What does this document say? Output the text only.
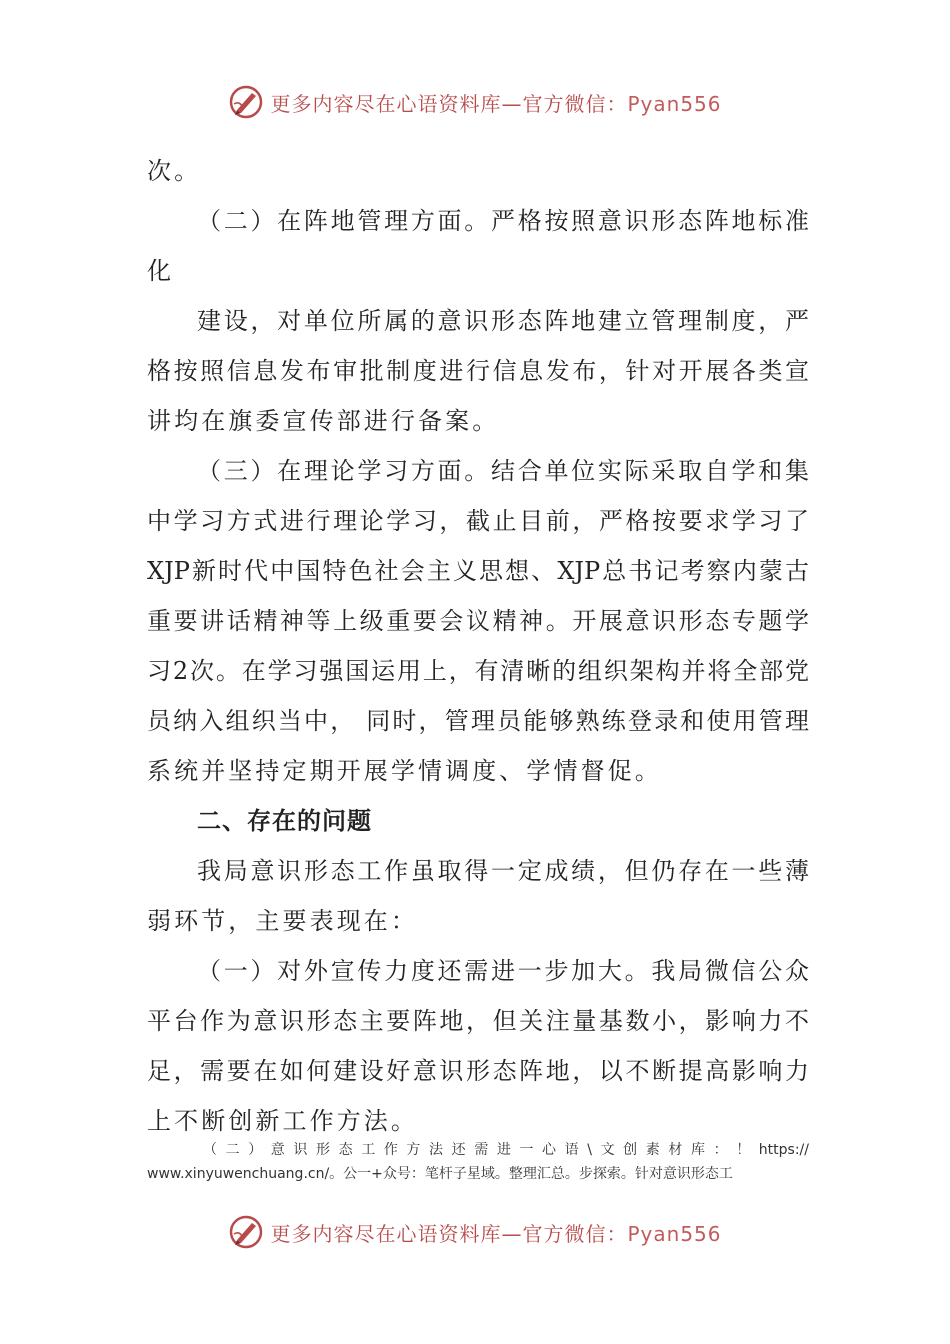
更多内容尽在心语资料库—官方微信：Pyan556
次。
（二）在阵地管理方面。严格按照意识形态阵地标准
化
建设，对单位所属的意识形态阵地建立管理制度，严
格按照信息发布审批制度进行信息发布，针对开展各类宣
讲均在旗委宣传部进行备案。
（三）在理论学习方面。结合单位实际采取自学和集
中学习方式进行理论学习，截止目前，严格按要求学习了
XJP新时代中国特色社会主义思想、XJP总书记考察内蒙古
重要讲话精神等上级重要会议精神。开展意识形态专题学
习2次。在学习强国运用上，有清晰的组织架构并将全部党
员纳入组织当中， 同时，管理员能够熟练登录和使用管理
系统并坚持定期开展学情调度、学情督促。
二、存在的问题
我局意识形态工作虽取得一定成绩，但仍存在一些薄
弱环节，主要表现在：
（一）对外宣传力度还需进一步加大。我局微信公众
平台作为意识形态主要阵地，但关注量基数小，影响力不
足，需要在如何建设好意识形态阵地，以不断提高影响力
上不断创新工作方法。
（二）意识形态工作方法还需进一心语\文创素材库：！https://
www.xinyuwenchuang.cn/。公一+众号：笔杆子星域。整理汇总。步探索。针对意识形态工
更多内容尽在心语资料库—官方微信：Pyan556
